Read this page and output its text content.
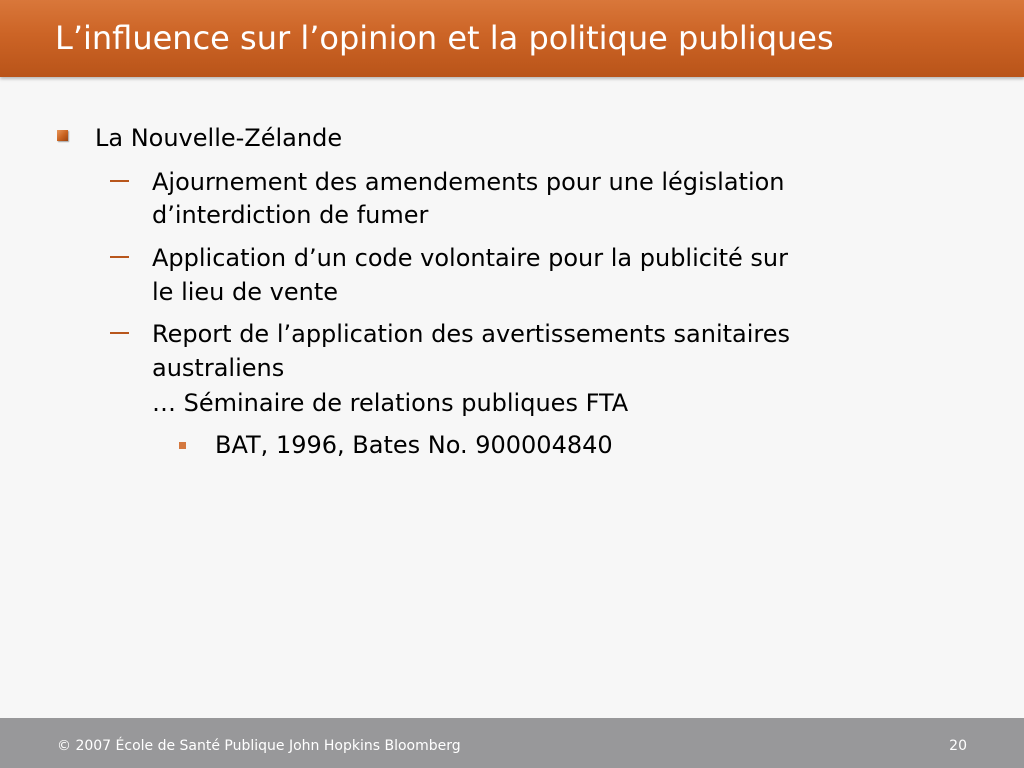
L’influence sur l’opinion et la politique publiques
La Nouvelle-Zélande
Ajournement des amendements pour une législation
d’interdiction de fumer
Application d’un code volontaire pour la publicité sur
le lieu de vente
Report de l’application des avertissements sanitaires
australiens
… Séminaire de relations publiques FTA
BAT, 1996, Bates No. 900004840
© 2007 École de Santé Publique John Hopkins Bloomberg	20
